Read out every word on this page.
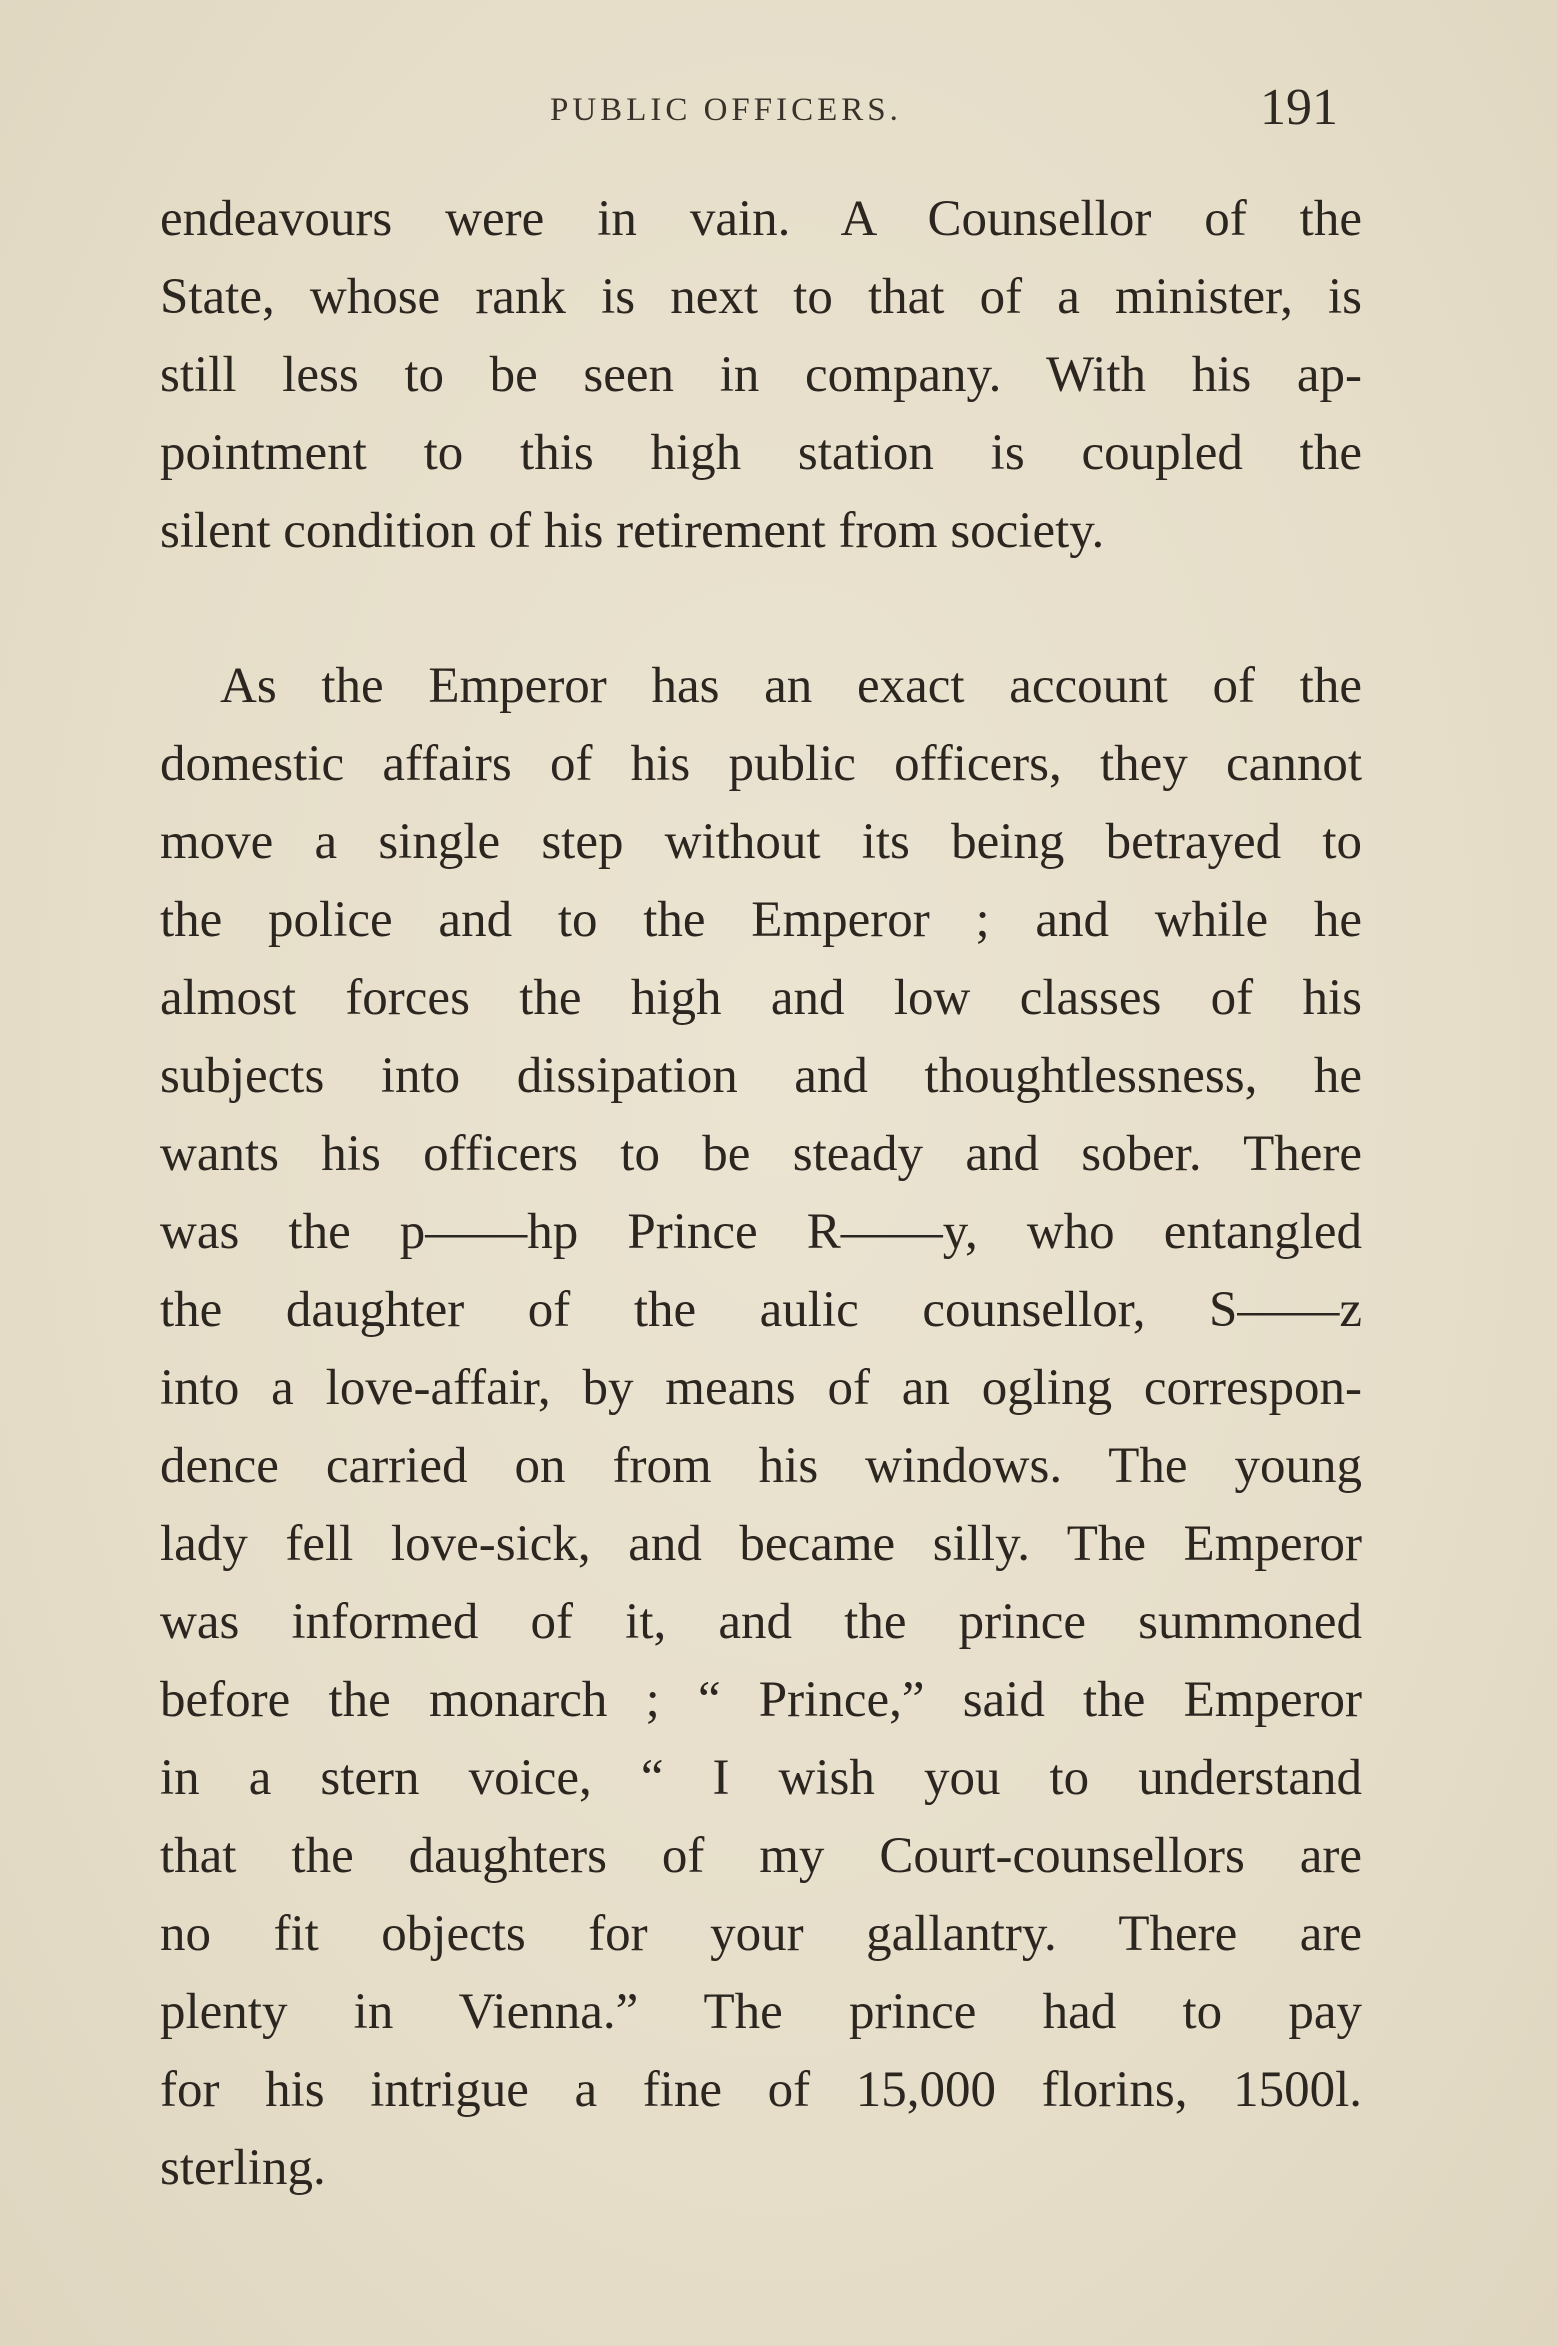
PUBLIC OFFICERS.	191
endeavours were in vain. A Counsellor of the
State, whose rank is next to that of a minister, is
still less to be seen in company. With his ap-
pointment to this high station is coupled the
silent condition of his retirement from society.
As the Emperor has an exact account of the
domestic affairs of his public officers, they cannot
move a single step without its being betrayed to
the police and to the Emperor ; and while he
almost forces the high and low classes of his
subjects into dissipation and thoughtlessness, he
wants his officers to be steady and sober. There
was the p——hp Prince R——y, who entangled
the daughter of the aulic counsellor, S——z
into a love-affair, by means of an ogling correspon-
dence carried on from his windows. The young
lady fell love-sick, and became silly. The Emperor
was informed of it, and the prince summoned
before the monarch ; “ Prince,” said the Emperor
in a stern voice, “ I wish you to understand
that the daughters of my Court-counsellors are
no fit objects for your gallantry. There are
plenty in Vienna.” The prince had to pay
for his intrigue a fine of 15,000 florins, 1500l.
sterling.
